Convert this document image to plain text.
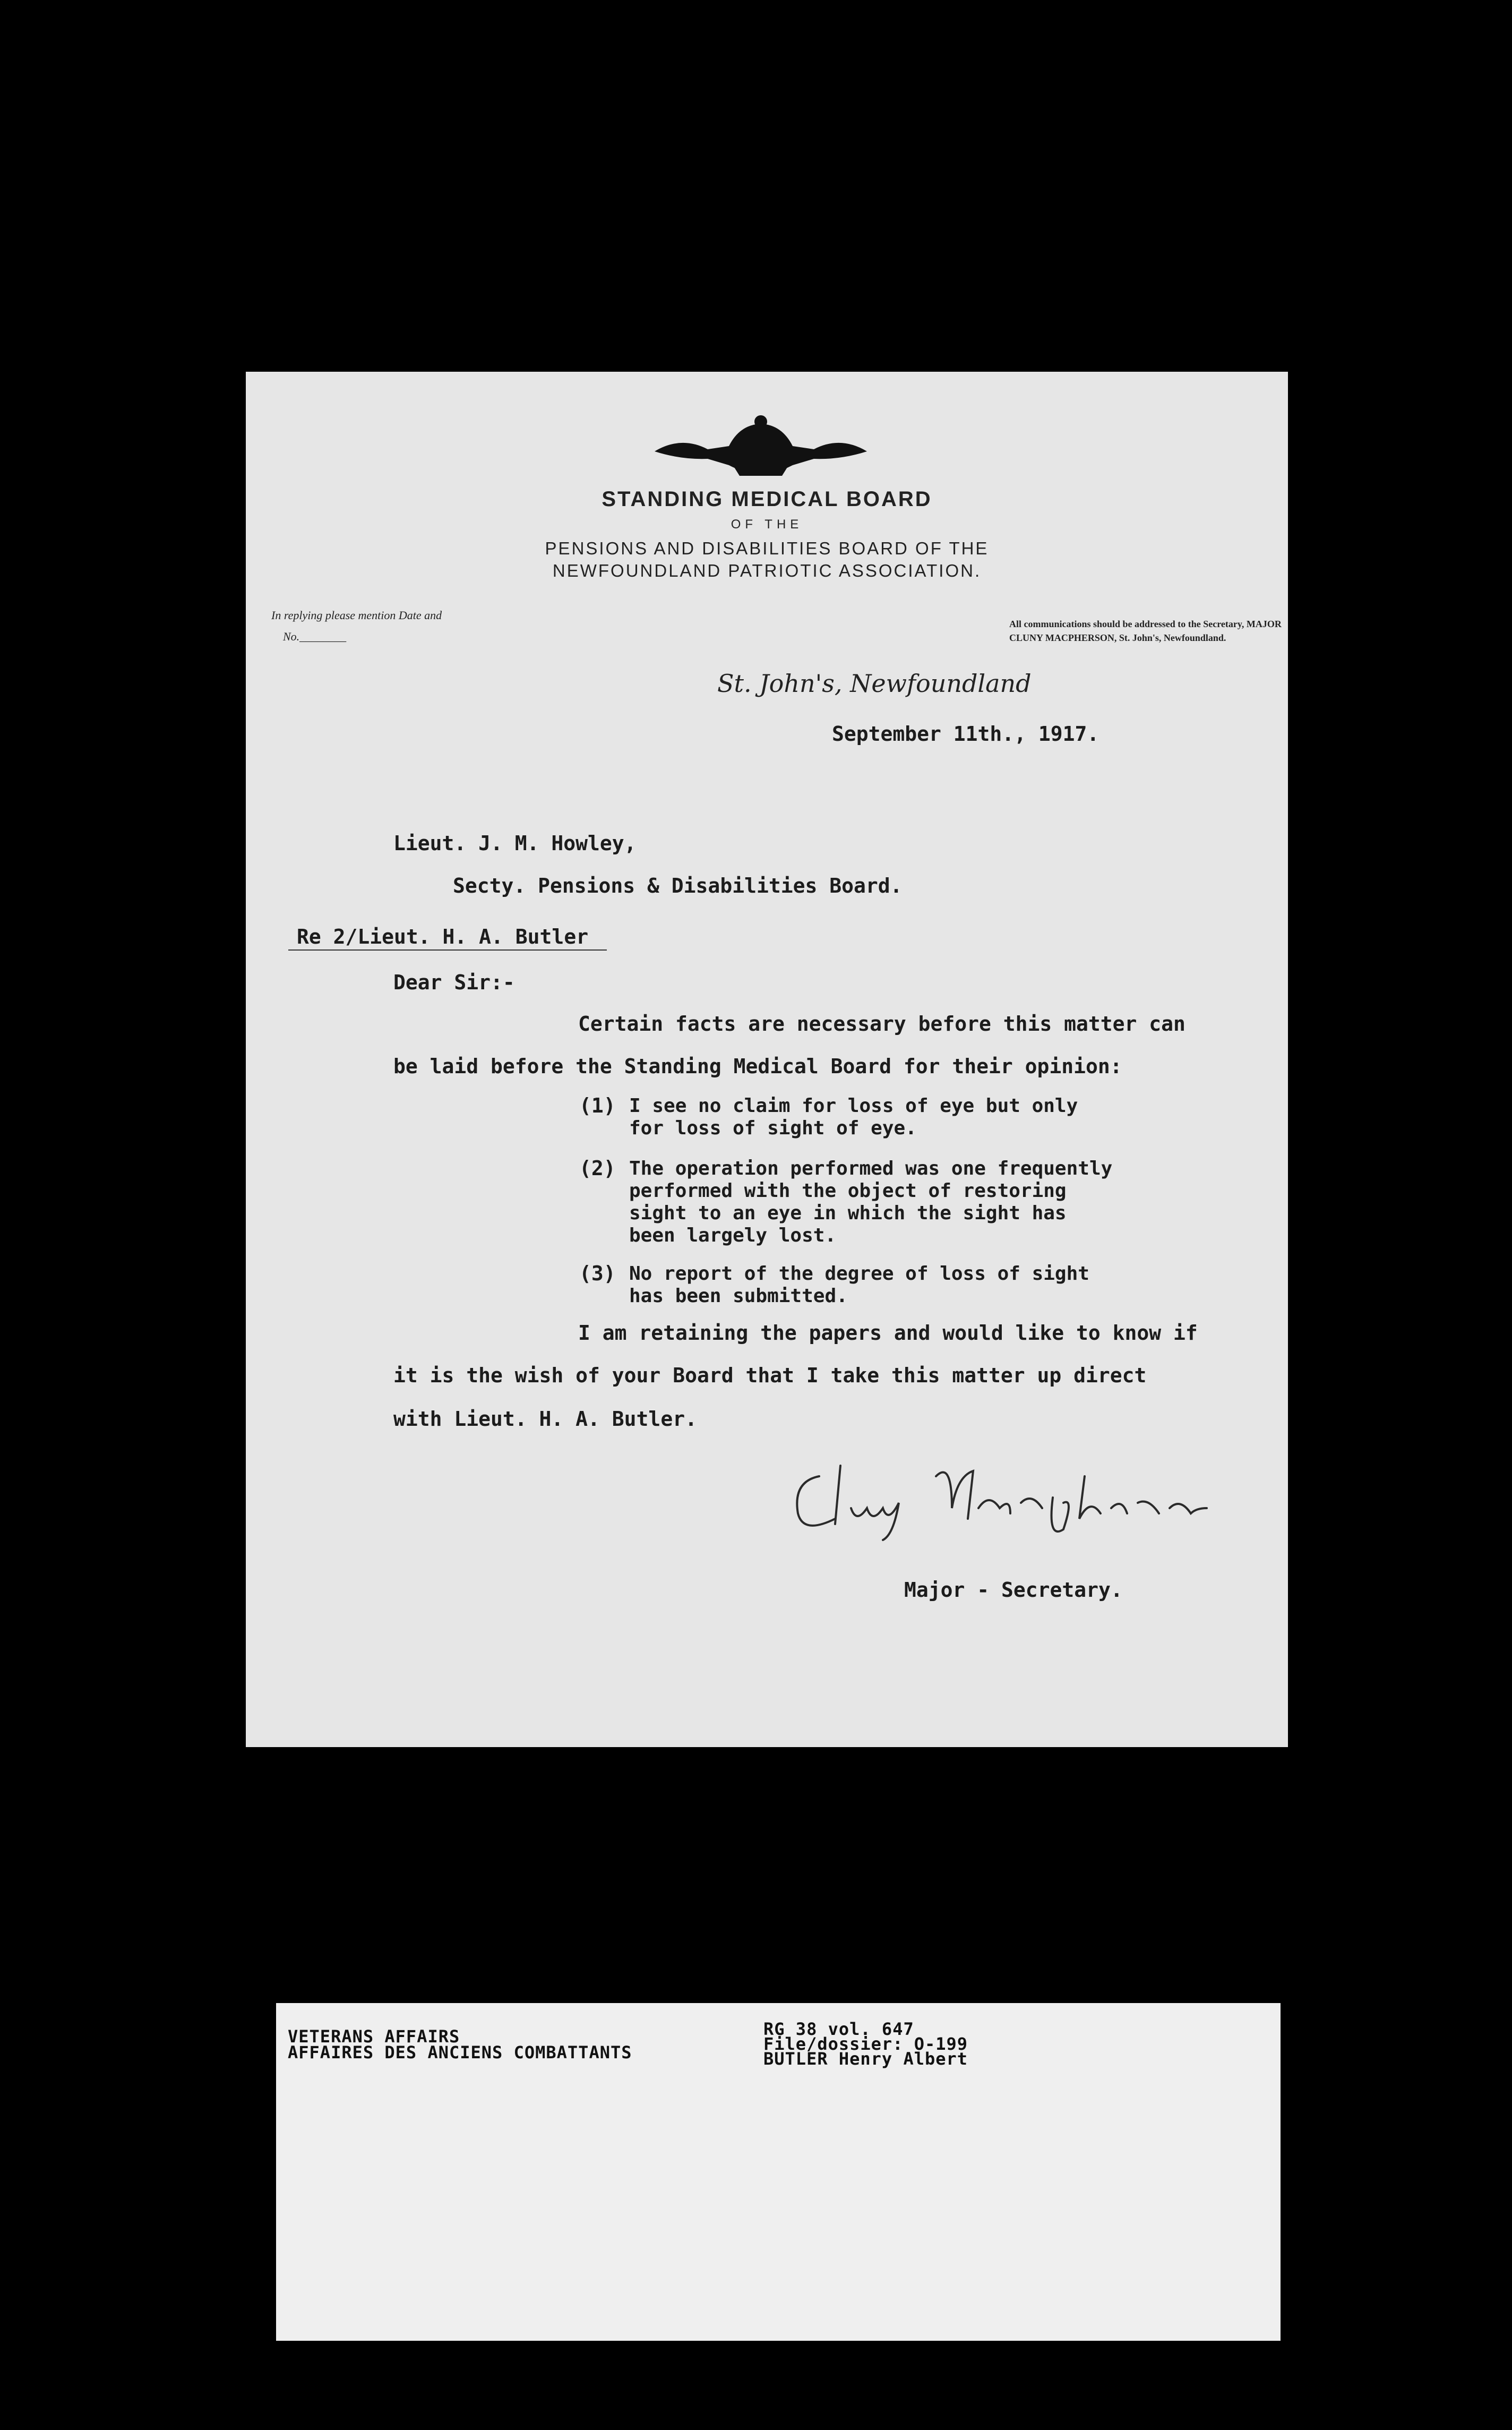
STANDING MEDICAL BOARD
OF THE
PENSIONS AND DISABILITIES BOARD OF THE
NEWFOUNDLAND PATRIOTIC ASSOCIATION.
In replying please mention Date and
No.________
All communications should be addressed to the Secretary, MAJOR CLUNY MACPHERSON, St. John's, Newfoundland.
St. John's, Newfoundland
September 11th., 1917.
Lieut. J. M. Howley,
Secty. Pensions & Disabilities Board.
Re 2/Lieut. H. A. Butler
Dear Sir:-
Certain facts are necessary before this matter can
be laid before the Standing Medical Board for their opinion:
(1) I see no claim for loss of eye but only
for loss of sight of eye.
(2) The operation performed was one frequently
performed with the object of restoring
sight to an eye in which the sight has
been largely lost.
(3) No report of the degree of loss of sight
has been submitted.
I am retaining the papers and would like to know if
it is the wish of your Board that I take this matter up direct
with Lieut. H. A. Butler.
Major - Secretary.
VETERANS AFFAIRS
AFFAIRES DES ANCIENS COMBATTANTS
RG 38 vol. 647
File/dossier: O-199
BUTLER Henry Albert
